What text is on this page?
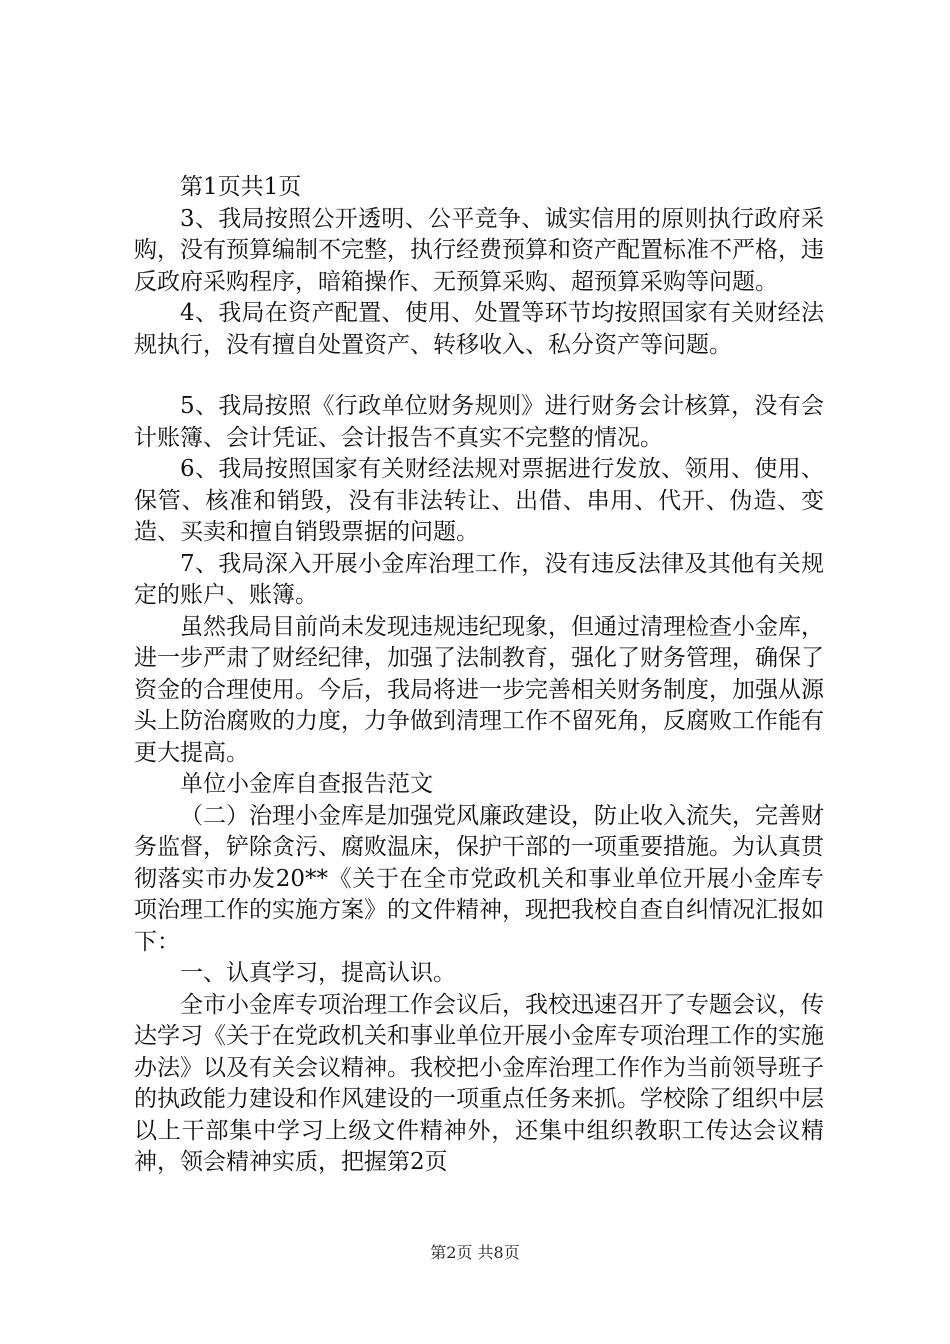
第1页共1页

3、我局按照公开透明、公平竞争、诚实信用的原则执行政府采购，没有预算编制不完整，执行经费预算和资产配置标准不严格，违反政府采购程序，暗箱操作、无预算采购、超预算采购等问题。

4、我局在资产配置、使用、处置等环节均按照国家有关财经法规执行，没有擅自处置资产、转移收入、私分资产等问题。

5、我局按照《行政单位财务规则》进行财务会计核算，没有会计账簿、会计凭证、会计报告不真实不完整的情况。

6、我局按照国家有关财经法规对票据进行发放、领用、使用、保管、核准和销毁，没有非法转让、出借、串用、代开、伪造、变造、买卖和擅自销毁票据的问题。

7、我局深入开展小金库治理工作，没有违反法律及其他有关规定的账户、账簿。

虽然我局目前尚未发现违规违纪现象，但通过清理检查小金库，进一步严肃了财经纪律，加强了法制教育，强化了财务管理，确保了资金的合理使用。今后，我局将进一步完善相关财务制度，加强从源头上防治腐败的力度，力争做到清理工作不留死角，反腐败工作能有更大提高。

单位小金库自查报告范文

（二）治理小金库是加强党风廉政建设，防止收入流失，完善财务监督，铲除贪污、腐败温床，保护干部的一项重要措施。为认真贯彻落实市办发20**《关于在全市党政机关和事业单位开展小金库专项治理工作的实施方案》的文件精神，现把我校自查自纠情况汇报如下：

一、认真学习，提高认识。

全市小金库专项治理工作会议后，我校迅速召开了专题会议，传达学习《关于在党政机关和事业单位开展小金库专项治理工作的实施办法》以及有关会议精神。我校把小金库治理工作作为当前领导班子的执政能力建设和作风建设的一项重点任务来抓。学校除了组织中层以上干部集中学习上级文件精神外，还集中组织教职工传达会议精神，领会精神实质，把握第2页

第2页 共8页
